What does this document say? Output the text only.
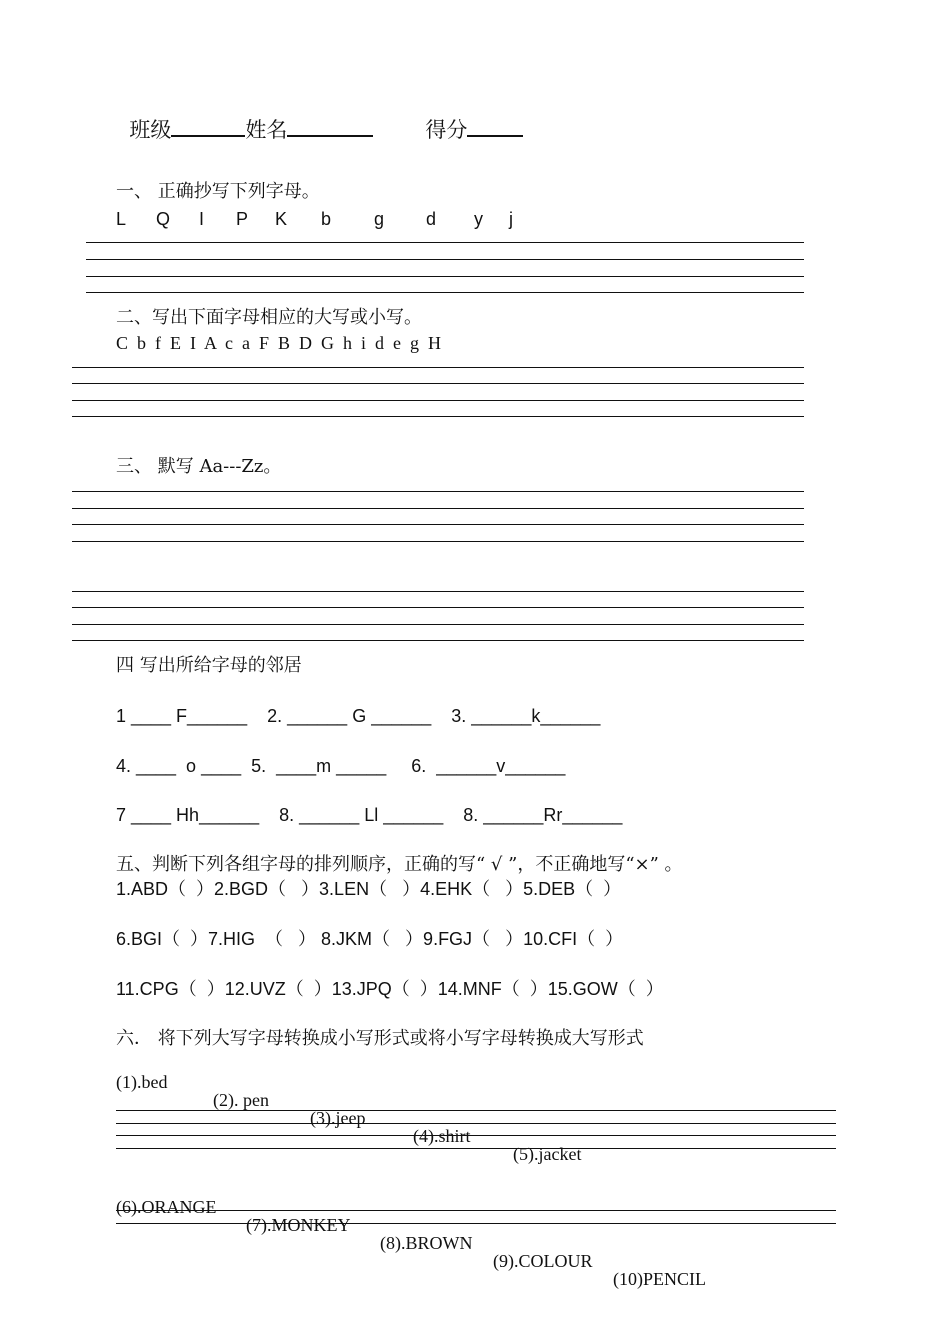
班级	姓名	得分

一、 正确抄写下列字母。

L

Q

I

P

K

b

g

d

y

j

二、写出下面字母相应的大写或小写。
C b f E I A c a F B D G h i d e g H
三、 默写 Aa---Zz。
四 写出所给字母的邻居
1 ____ F______    2. ______ G ______    3. ______k______
4. ____  o ____  5.  ____m _____     6.  ______v______
7 ____ Hh______    8. ______ Ll ______    8. ______Rr______
五、判断下列各组字母的排列顺序，正确的写“ √ ”，不正确地写“×” 。
1.ABD（  ）2.BGD（   ）3.LEN（   ）4.EHK（   ）5.DEB（  ）
6.BGI（  ）7.HIG  （   ） 8.JKM（   ）9.FGJ（   ）10.CFI（  ）
11.CPG（  ）12.UVZ（  ）13.JPQ（  ）14.MNF（  ）15.GOW（  ）
六． 将下列大写字母转换成小写形式或将小写字母转换成大写形式

(1).bed

(2). pen

(3).jeep

(4).shirt

(5).jacket

(6).ORANGE

(7).MONKEY

(8).BROWN

(9).COLOUR

(10)PENCIL
